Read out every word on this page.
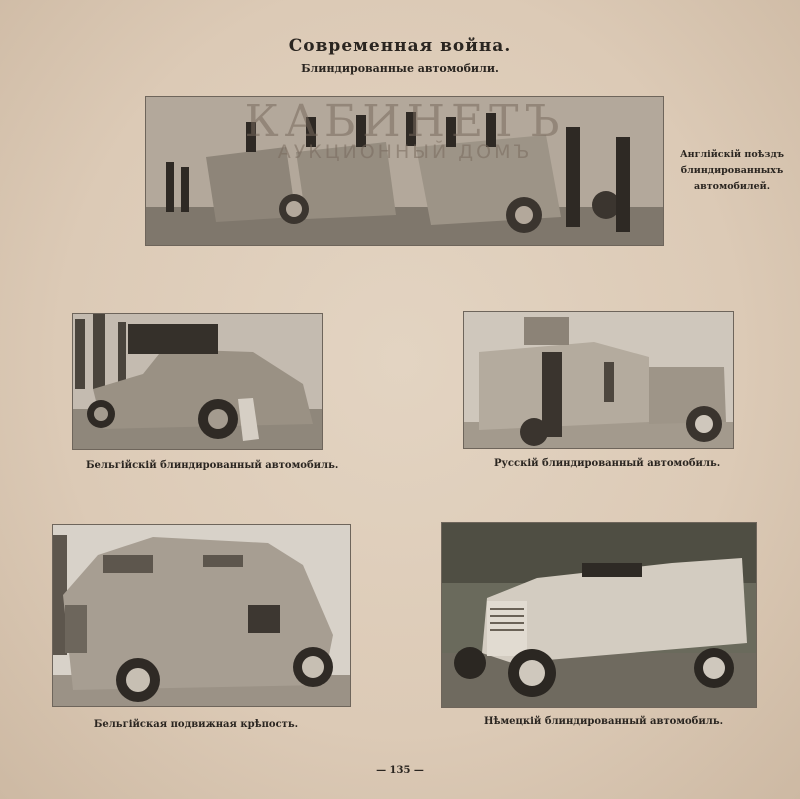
Современная война.
Блиндированные автомобили.
КАБИНЕТЪ
АУКЦИОННЫЙ ДОМЪ	Англійскій поѣздъ
блиндированныхъ
автомобилей.
Бельгійскій блиндированный автомобиль.	Русскій блиндированный автомобиль.
Бельгійская подвижная крѣпость.	Нѣмецкій блиндированный автомобиль.
— 135 —
